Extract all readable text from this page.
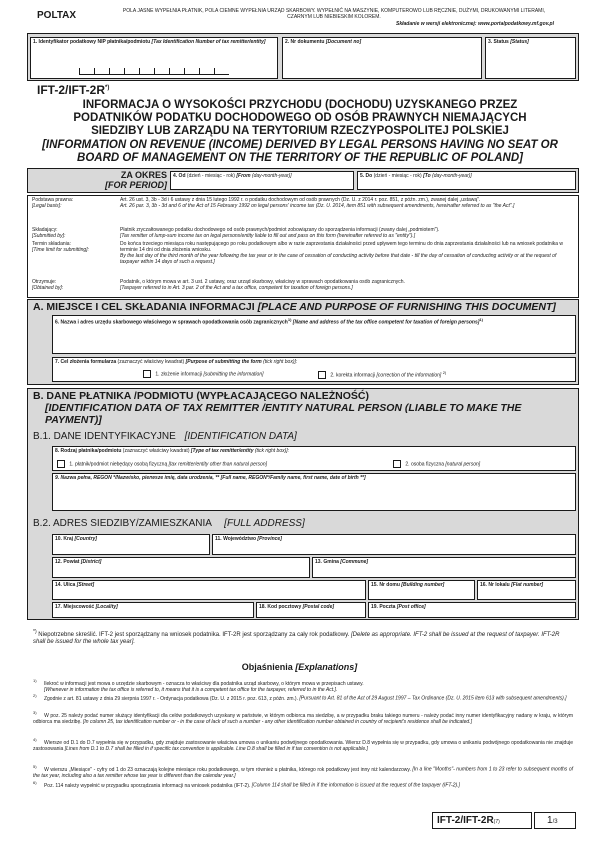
POLTAX	POLA JASNE WYPEŁNIA PŁATNIK, POLA CIEMNE WYPEŁNIA URZĄD SKARBOWY. WYPEŁNIĆ NA MASZYNIE, KOMPUTEROWO LUB RĘCZNIE, DUŻYMI, DRUKOWANYMI LITERAMI, CZARNYM LUB NIEBIESKIM KOLOREM.
Składanie w wersji elektronicznej: www.portalpodatkowy.mf.gov.pl
1. Identyfikator podatkowy NIP płatnika/podmiotu [Tax Identification Number of tax remitter/entity]	2. Nr dokumentu [Document no]	3. Status [Status]
IFT-2/IFT-2R*)
INFORMACJA O WYSOKOŚCI PRZYCHODU (DOCHODU) UZYSKANEGO PRZEZ PODATNIKÓW PODATKU DOCHODOWEGO OD OSÓB PRAWNYCH NIEMAJĄCYCH SIEDZIBY LUB ZARZĄDU NA TERYTORIUM RZECZYPOSPOLITEJ POLSKIEJ
[INFORMATION ON REVENUE (INCOME) DERIVED BY LEGAL PERSONS HAVING NO SEAT OR BOARD OF MANAGEMENT ON THE TERRITORY OF THE REPUBLIC OF POLAND]
ZA OKRES
[FOR PERIOD]
4. Od (dzień - miesiąc - rok) [From (day-month-year)]	5. Do (dzień - miesiąc - rok) [To (day-month-year)]
Podstawa prawna:
[Legal basis]:
Art. 26 ust. 3, 3b - 3d i 6 ustawy z dnia 15 lutego 1992 r. o podatku dochodowym od osób prawnych (Dz. U. z 2014 r. poz. 851, z późn. zm.), zwanej dalej „ustawą".
Art. 26 par. 3, 3b - 3d and 6 of the Act of 15 February 1992 on legal persons' income tax (Dz. U. 2014, item 851 with subsequent amendments, hereinafter referred to as "the Act".]
Składający:
[Submitted by]:
Płatnik zryczałtowanego podatku dochodowego od osób prawnych/podmiot zobowiązany do sporządzenia informacji (zwany dalej „podmiotem").
[Tax remitter of lump-sum income tax on legal persons/entity liable to fill out and pass on this form (hereinafter referred to as "entity").]
Termin składania:
[Time limit for submitting]:
Do końca trzeciego miesiąca roku następującego po roku podatkowym albo w razie zaprzestania działalności przed upływem tego terminu do dnia zaprzestania działalności lub na wniosek podatnika w terminie 14 dni od dnia złożenia wniosku.
By the last day of the third month of the year following the tax year or in the case of cessation of conducting activity before that date - till the day of cessation of conducting activity or at the request of taxpayer within 14 days of such a request.]
Otrzymuje:
[Obtained by]:
Podatnik, o którym mowa w art. 3 ust. 2 ustawy, oraz urząd skarbowy, właściwy w sprawach opodatkowania osób zagranicznych.
[Taxpayer referred to in Art. 3 par. 2 of the Act and a tax office, competent for taxation of foreign persons.]
A. MIEJSCE I CEL SKŁADANIA INFORMACJI [PLACE AND PURPOSE OF FURNISHING THIS DOCUMENT]
6. Nazwa i adres urzędu skarbowego właściwego w sprawach opodatkowania osób zagranicznych$^{1)}$ [Name and address of the tax office competent for taxation of foreign persons]$^{1)}$
7. Cel złożenia formularza (zaznaczyć właściwy kwadrat) [Purpose of submitting the form (tick right box)]:
1. złożenie informacji [submitting the information]	2. korekta informacji [correction of the information] $^{2)}$
B. DANE PŁATNIKA /PODMIOTU (WYPŁACAJĄCEGO NALEŻNOŚĆ)
[IDENTIFICATION DATA OF TAX REMITTER /ENTITY NATURAL PERSON (LIABLE TO MAKE THE PAYMENT)]
B.1. DANE IDENTYFIKACYJNE [IDENTIFICATION DATA]
8. Rodzaj płatnika/podmiotu (zaznaczyć właściwy kwadrat) [Type of tax remitter/entity (tick right box)]:
1. płatnik/podmiot niebędący osobą fizyczną [tax remitter/entity other than natural person]	2. osoba fizyczna [natural person]
9. Nazwa pełna, REGON */Nazwisko, pierwsze imię, data urodzenia, ** [Full name, REGON*/Family name, first name, date of birth **]
B.2. ADRES SIEDZIBY/ZAMIESZKANIA [FULL ADDRESS]
10. Kraj [Country]	11. Województwo [Province]
12. Powiat [District]	13. Gmina [Commune]
14. Ulica [Street]	15. Nr domu [Building number]	16. Nr lokalu [Flat number]
17. Miejscowość [Locality]	18. Kod pocztowy [Postal code]	19. Poczta [Post office]
*) Niepotrzebne skreślić. IFT-2 jest sporządzany na wniosek podatnika. IFT-2R jest sporządzany za cały rok podatkowy. [Delete as appropriate. IFT-2 shall be issued at the request of taxpayer. IFT-2R shall be issued for the whole tax year].
Objaśnienia [Explanations]
$^{1)}$ Ilekroć w informacji jest mowa o urzędzie skarbowym - oznacza to właściwy dla podatnika urząd skarbowy, o którym mowa w przepisach ustawy.
[Whenever in information the tax office is referred to, it means that it is a competent tax office for the taxpayer, referred to in the Act.].
$^{2)}$ Zgodnie z art. 81 ustawy z dnia 29 sierpnia 1997 r. - Ordynacja podatkowa (Dz. U. z 2015 r. poz. 613, z późn. zm.). [Pursuant to Art. 81 of the Act of 29 August 1997 – Tax Ordinance (Dz. U. 2015 item 613 with subsequent amendments).]
$^{3)}$ W poz. 25 należy podać numer służący identyfikacji dla celów podatkowych uzyskany w państwie, w którym odbiorca ma siedzibę, a w przypadku braku takiego numeru - należy podać inny numer identyfikacyjny nadany w kraju, w którym odbiorca ma siedzibę. [In column 25, tax identification number or - in the case of lack of such a number - any other identification number obtained in country of recipient's residence shall be indicated.]
$^{4)}$ Wiersze od D.1 do D.7 wypełnia się w przypadku, gdy znajduje zastosowanie właściwa umowa o unikaniu podwójnego opodatkowania. Wiersz D.8 wypełnia się w przypadku, gdy umowa o unikaniu podwójnego opodatkowania nie znajduje zastosowania [Lines from D.1 to D.7 shall be filled in if specific tax convention is applicable. Line D.8 shall be filled in if tax convention is not applicable.]
$^{5)}$ W wierszu „Miesiące" - cyfry od 1 do 23 oznaczają kolejne miesiące roku podatkowego, w tym również u płatnika, którego rok podatkowy jest inny niż kalendarzowy. [In a line "Months"- numbers from 1 to 23 refer to subsequent months of the tax year, including also a tax remitter whose tax year is different than the calendar year.]
$^{6)}$ Poz. 114 należy wypełnić w przypadku sporządzania informacji na wniosek podatnika (IFT-2). [Column 114 shall be filled in if the information is issued at the request of the taxpayer (IFT-2).]
IFT-2/IFT-2R(7)	1/3
